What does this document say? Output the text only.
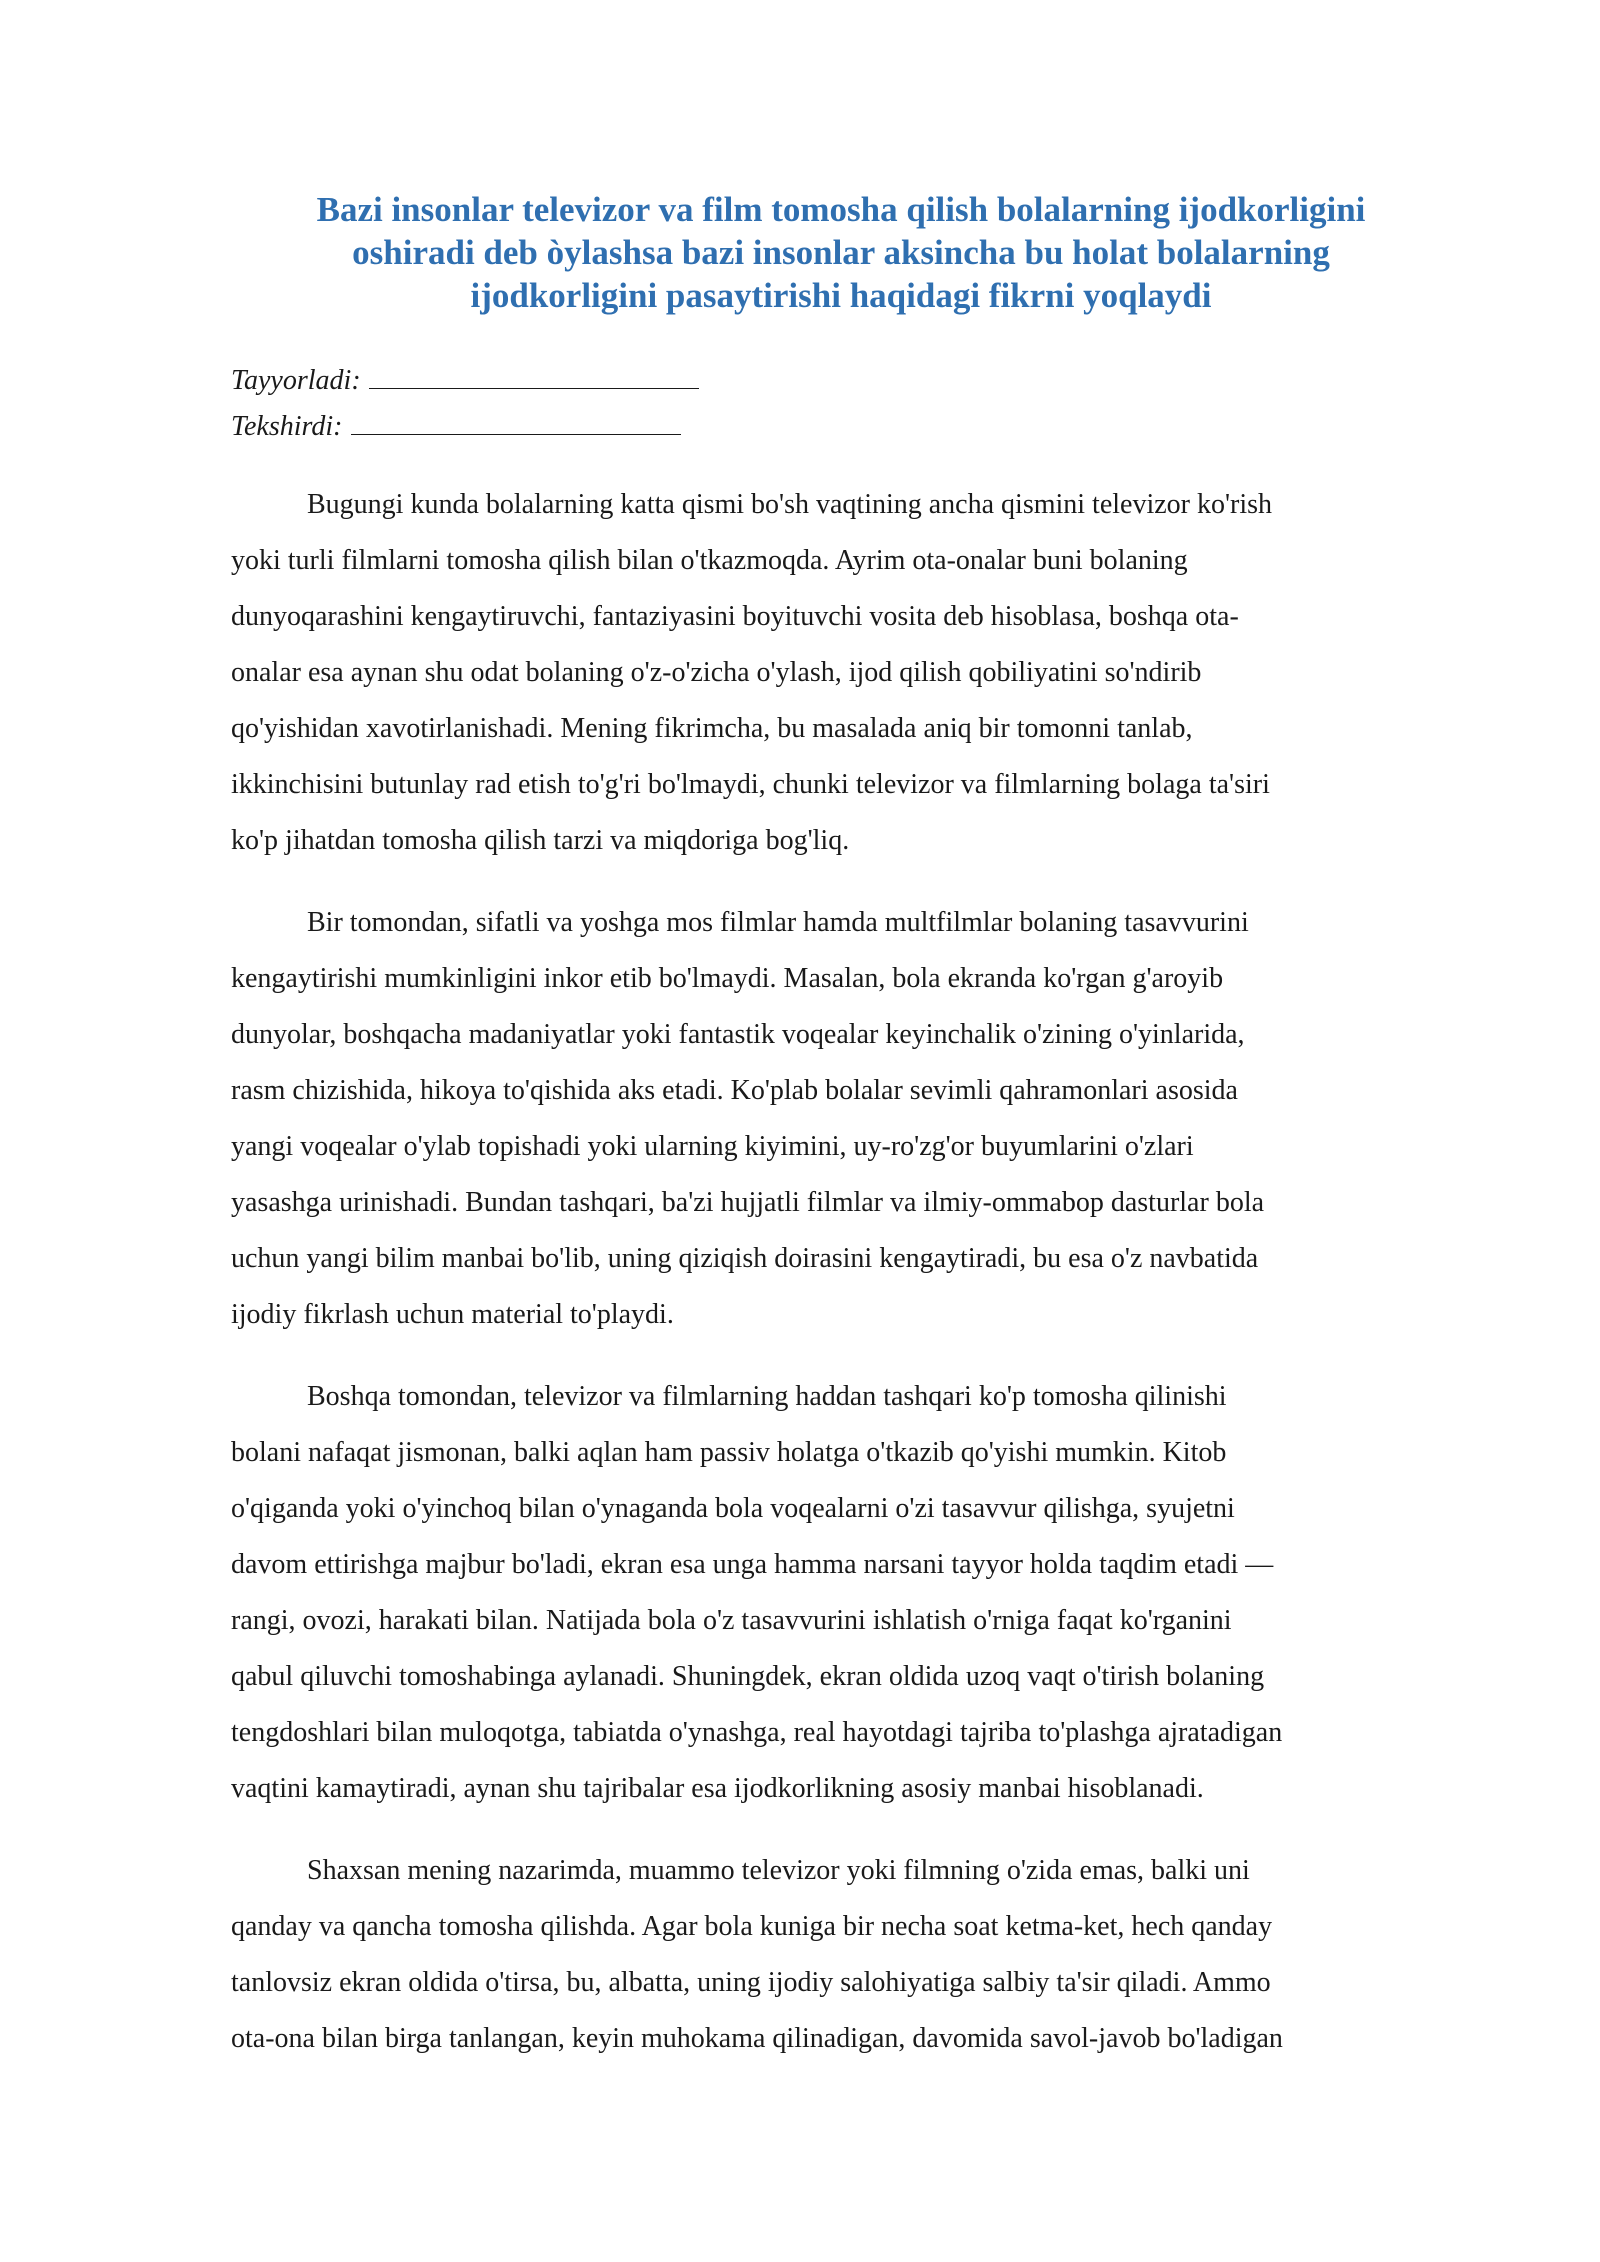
Bazi insonlar televizor va film tomosha qilish bolalarning ijodkorligini
oshiradi deb òylashsa bazi insonlar aksincha bu holat bolalarning
ijodkorligini pasaytirishi haqidagi fikrni yoqlaydi
Tayyorladi:
Tekshirdi:
Bugungi kunda bolalarning katta qismi bo'sh vaqtining ancha qismini televizor ko'rish
yoki turli filmlarni tomosha qilish bilan o'tkazmoqda. Ayrim ota-onalar buni bolaning
dunyoqarashini kengaytiruvchi, fantaziyasini boyituvchi vosita deb hisoblasa, boshqa ota-
onalar esa aynan shu odat bolaning o'z-o'zicha o'ylash, ijod qilish qobiliyatini so'ndirib
qo'yishidan xavotirlanishadi. Mening fikrimcha, bu masalada aniq bir tomonni tanlab,
ikkinchisini butunlay rad etish to'g'ri bo'lmaydi, chunki televizor va filmlarning bolaga ta'siri
ko'p jihatdan tomosha qilish tarzi va miqdoriga bog'liq.
Bir tomondan, sifatli va yoshga mos filmlar hamda multfilmlar bolaning tasavvurini
kengaytirishi mumkinligini inkor etib bo'lmaydi. Masalan, bola ekranda ko'rgan g'aroyib
dunyolar, boshqacha madaniyatlar yoki fantastik voqealar keyinchalik o'zining o'yinlarida,
rasm chizishida, hikoya to'qishida aks etadi. Ko'plab bolalar sevimli qahramonlari asosida
yangi voqealar o'ylab topishadi yoki ularning kiyimini, uy-ro'zg'or buyumlarini o'zlari
yasashga urinishadi. Bundan tashqari, ba'zi hujjatli filmlar va ilmiy-ommabop dasturlar bola
uchun yangi bilim manbai bo'lib, uning qiziqish doirasini kengaytiradi, bu esa o'z navbatida
ijodiy fikrlash uchun material to'playdi.
Boshqa tomondan, televizor va filmlarning haddan tashqari ko'p tomosha qilinishi
bolani nafaqat jismonan, balki aqlan ham passiv holatga o'tkazib qo'yishi mumkin. Kitob
o'qiganda yoki o'yinchoq bilan o'ynaganda bola voqealarni o'zi tasavvur qilishga, syujetni
davom ettirishga majbur bo'ladi, ekran esa unga hamma narsani tayyor holda taqdim etadi —
rangi, ovozi, harakati bilan. Natijada bola o'z tasavvurini ishlatish o'rniga faqat ko'rganini
qabul qiluvchi tomoshabinga aylanadi. Shuningdek, ekran oldida uzoq vaqt o'tirish bolaning
tengdoshlari bilan muloqotga, tabiatda o'ynashga, real hayotdagi tajriba to'plashga ajratadigan
vaqtini kamaytiradi, aynan shu tajribalar esa ijodkorlikning asosiy manbai hisoblanadi.
Shaxsan mening nazarimda, muammo televizor yoki filmning o'zida emas, balki uni
qanday va qancha tomosha qilishda. Agar bola kuniga bir necha soat ketma-ket, hech qanday
tanlovsiz ekran oldida o'tirsa, bu, albatta, uning ijodiy salohiyatiga salbiy ta'sir qiladi. Ammo
ota-ona bilan birga tanlangan, keyin muhokama qilinadigan, davomida savol-javob bo'ladigan
